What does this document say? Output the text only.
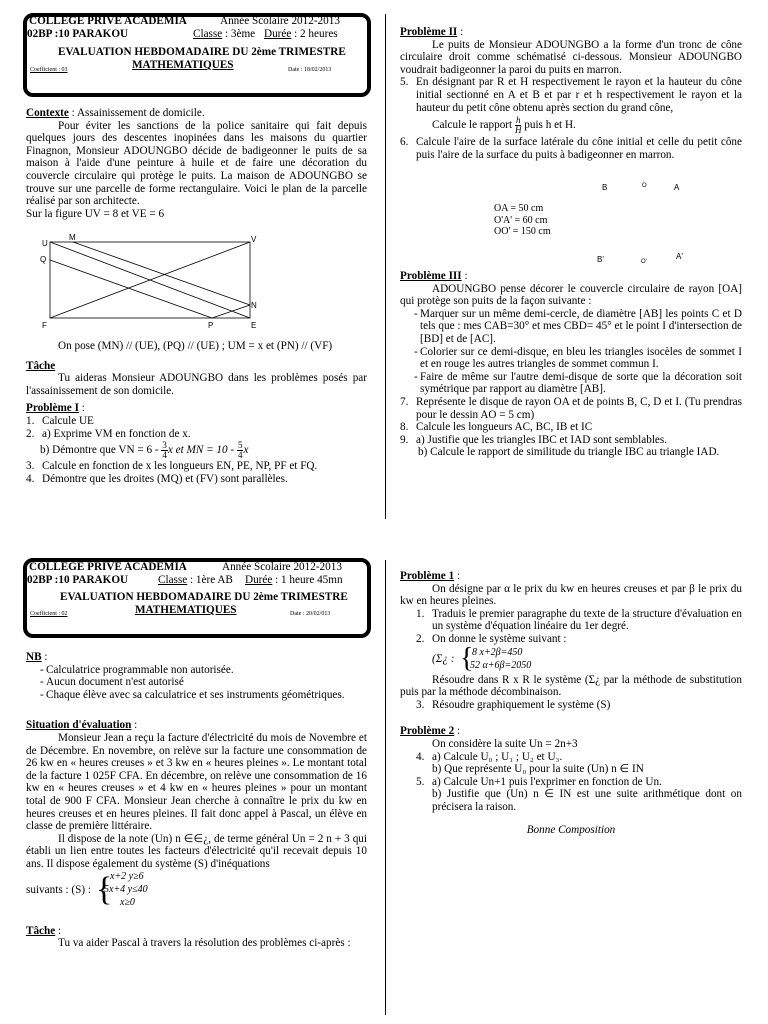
COLLEGE PRIVE ACADEMIA	Année Scolaire 2012-2013
02BP :10 PARAKOU	Classe : 3ème Durée : 2 heures
EVALUATION HEBDOMADAIRE DU 2ème TRIMESTRE
MATHEMATIQUES
Coefficient : 03	Date : 18/02/2013

Contexte : Assainissement de domicile.

Pour éviter les sanctions de la police sanitaire qui fait depuis quelques jours des descentes inopinées dans les maisons du quartier Finagnon, Monsieur ADOUNGBO décide de badigeonner le puits de sa maison à l'aide d'une peinture à huile et de faire une décoration du couvercle circulaire qui protège le puits. La maison de ADOUNGBO se trouve sur une parcelle de forme rectangulaire. Voici le plan de la parcelle réalisé par son architecte.

Sur la figure UV = 8 et VE = 6

U
M	V
Q
N
F	P	E

On pose (MN) // (UE), (PQ) // (UE) ; UM = x et (PN) // (VF)

Tâche

Tu aideras Monsieur ADOUNGBO dans les problèmes posés par l'assainissement de son domicile.

Problème I :

1. Calcule UE
2. a) Exprime VM en fonction de x.

b) Démontre que VN = $6 - \frac{3}{4}$ x et MN = $10 - \frac{5}{4}$ x

3. Calcule en fonction de x les longueurs EN, PE, NP, PF et FQ.
4. Démontre que les droites (MQ) et (FV) sont parallèles.

Problème II :

Le puits de Monsieur ADOUNGBO a la forme d'un tronc de cône circulaire droit comme schématisé ci-dessous. Monsieur ADOUNGBO voudrait badigeonner la paroi du puits en marron.

5. En désignant par R et H respectivement le rayon et la hauteur du cône initial sectionné en A et B et par r et h respectivement le rayon et la hauteur du petit cône obtenu après section du grand cône,

Calcule le rapport $\frac{h}{H}$ puis h et H.

6. Calcule l'aire de la surface latérale du cône initial et celle du petit cône puis l'aire de la surface du puits à badigeonner en marron.
B	O	A
B'	O'
A'

OA = 50 cm

O'A' = 60 cm

OO' = 150 cm

Problème III :

ADOUNGBO pense décorer le couvercle circulaire de rayon [OA] qui protège son puits de la façon suivante :

- Marquer sur un même demi-cercle, de diamètre [AB] les points C et D tels que : mes CAB=30° et mes CBD= 45° et le point I d'intersection de [BD] et de [AC].
- Colorier sur ce demi-disque, en bleu les triangles isocèles de sommet I et en rouge les autres triangles de sommet commun I.
- Faire de même sur l'autre demi-disque de sorte que la décoration soit symétrique par rapport au diamètre [AB].
7. Représente le disque de rayon OA et de points B, C, D et I. (Tu prendras pour le dessin AO = 5 cm)
8. Calcule les longueurs AC, BC, IB et IC
9. a) Justifie que les triangles IBC et IAD sont semblables.

b) Calcule le rapport de similitude du triangle IBC au triangle IAD.

COLLEGE PRIVE ACADEMIA	Année Scolaire 2012-2013
02BP :10 PARAKOU	Classe : 1ère AB Durée : 1 heure 45mn
EVALUATION HEBDOMADAIRE DU 2ème TRIMESTRE
MATHEMATIQUES
Coefficient : 02	Date : 20/02/013

NB :

- Calculatrice programmable non autorisée.
- Aucun document n'est autorisé
- Chaque élève avec sa calculatrice et ses instruments géométriques.

Situation d'évaluation :

Monsieur Jean a reçu la facture d'électricité du mois de Novembre et de Décembre. En novembre, on relève sur la facture une consommation de 26 kw en « heures creuses » et 3 kw en « heures pleines ». Le montant total de la facture 1 025F CFA. En décembre, on relève une consommation de 16 kw en « heures creuses » et 4 kw en « heures pleines » pour un montant total de 900 F CFA. Monsieur Jean cherche à connaître le prix du kw en heures creuses et en heures pleines. Il fait donc appel à Pascal, un élève en classe de première littéraire.

Il dispose de la note (Un) n ∈∈¿, de terme général Un = 2 n + 3 qui établi un lien entre toutes les facteurs d'électricité qu'il recevait depuis 10 ans. Il dispose également du système (S) d'inéquations

suivants : (S) : {
x+2 y≥6
5x+4 y≤40
x≥0

Tâche :

Tu va aider Pascal à travers la résolution des problèmes ci-après :

Problème 1 :

On désigne par α le prix du kw en heures creuses et par β le prix du kw en heures pleines.

1. Traduis le premier paragraphe du texte de la structure d'évaluation en un système d'équation linéaire du 1er degré.
2. On donne le système suivant :
(Σ¿ : {
8 x+2β=450
52 α+6β=2050

Résoudre dans R x R le système (Σ¿ par la méthode de substitution puis par la méthode décombinaison.

3. Résoudre graphiquement le système (S)

Problème 2 :

On considère la suite Un = 2n+3

4. a) Calcule U₀ ; U₁ ; U₂ et U₃.
b) Que représente U₀ pour la suite (Un) n ∈ IN
5. a) Calcule Un+1 puis l'exprimer en fonction de Un.
b) Justifie que (Un) n ∈ IN est une suite arithmétique dont on précisera la raison.

Bonne Composition
